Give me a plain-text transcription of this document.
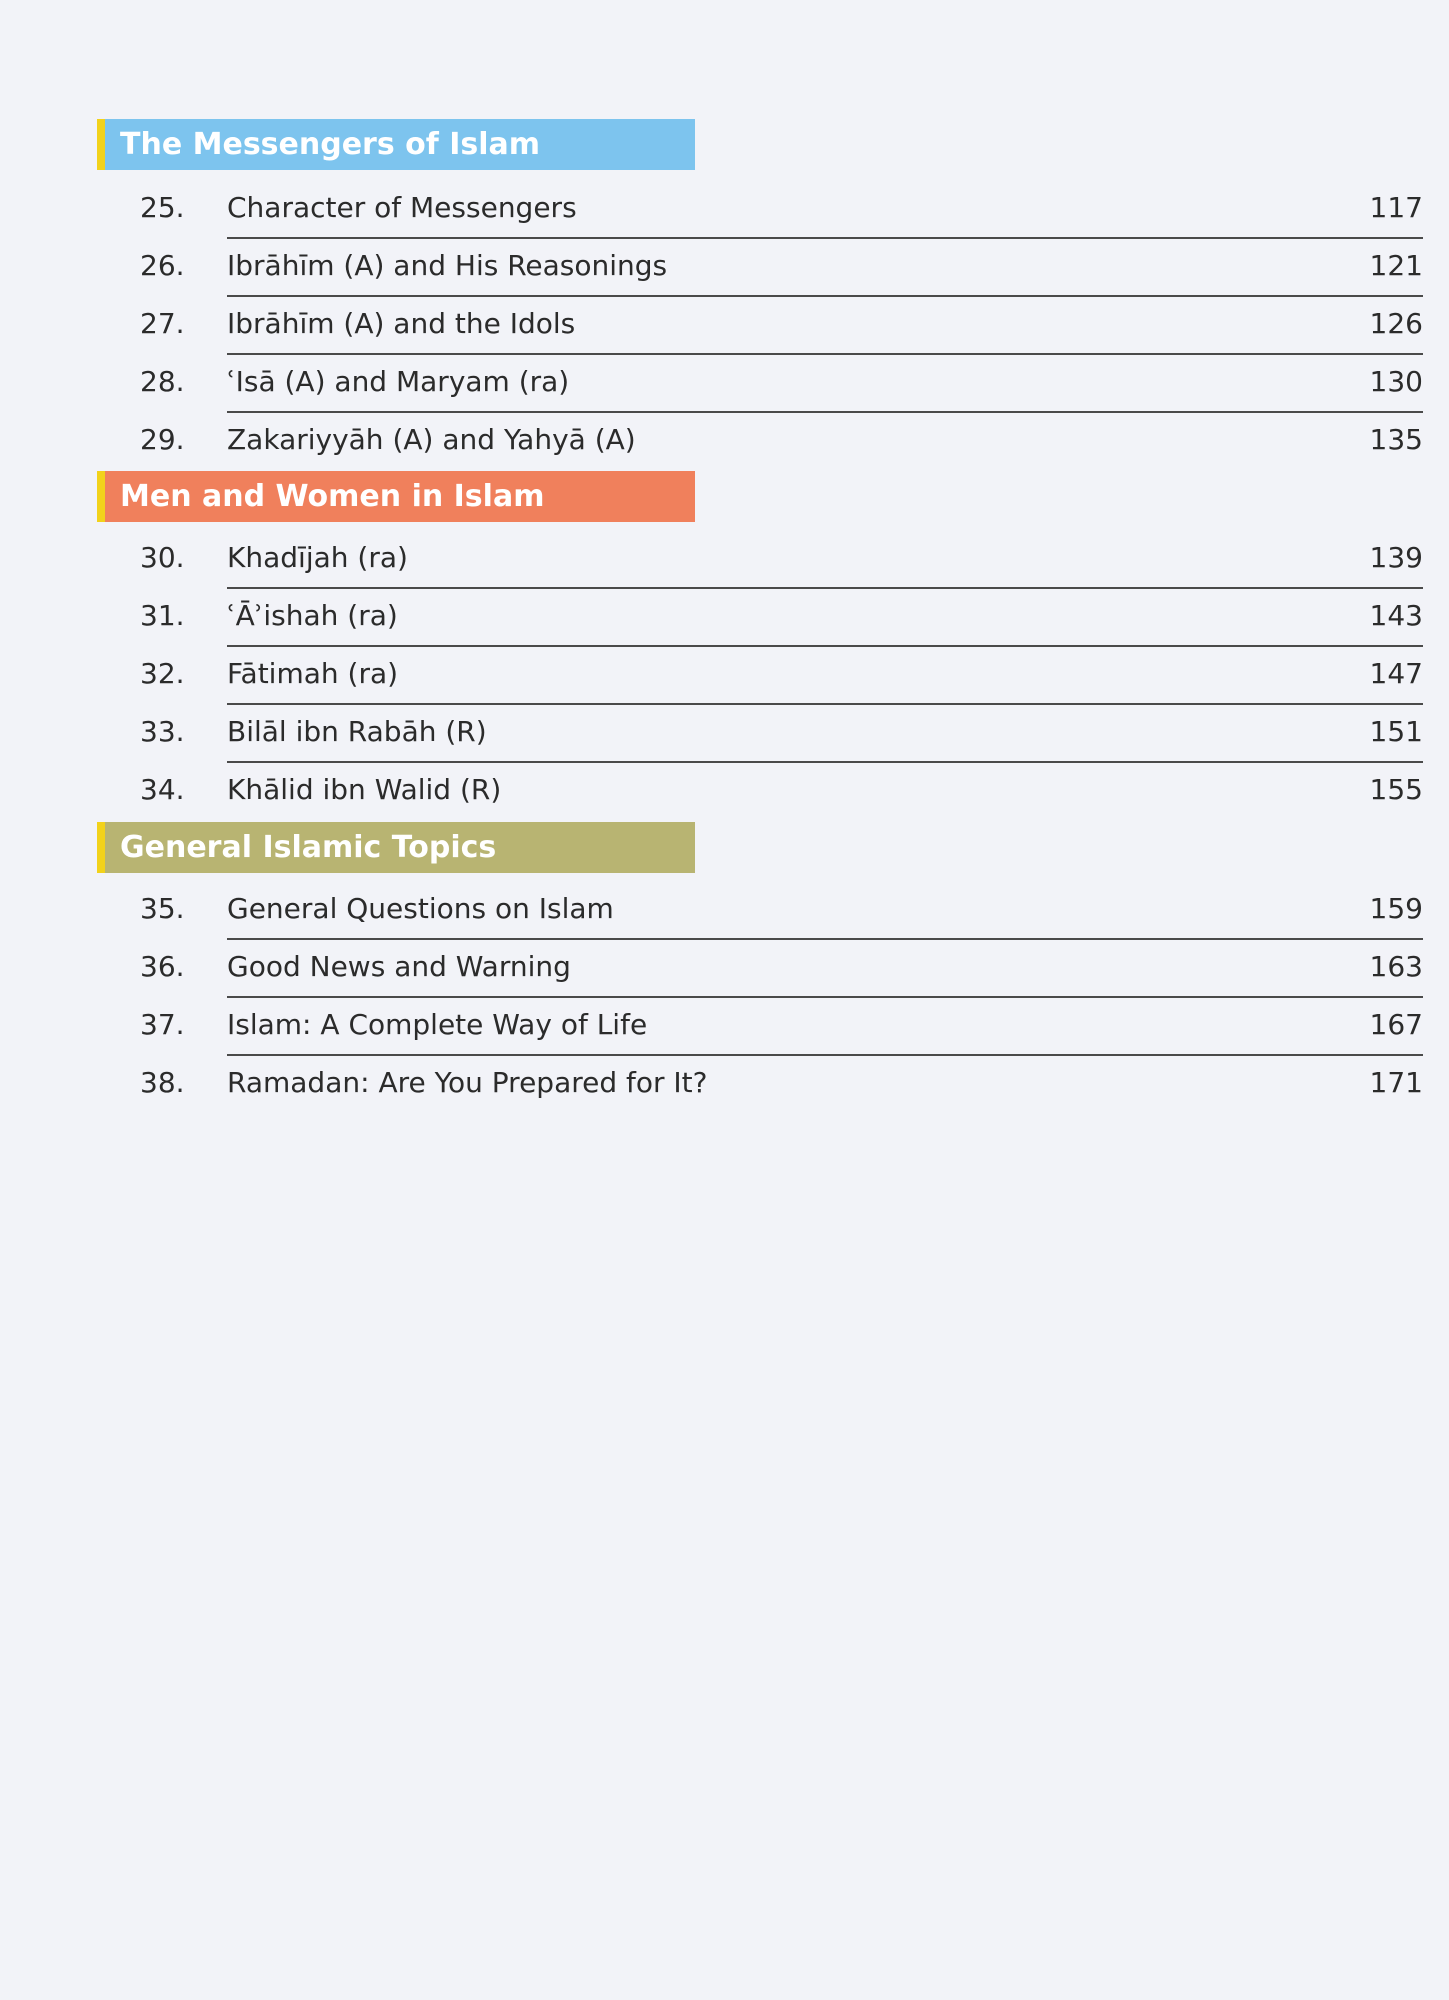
The Messengers of Islam
25. Character of Messengers	117
26. Ibrāhīm (A) and His Reasonings	121
27. Ibrāhīm (A) and the Idols	126
28. ʿIsā (A) and Maryam (ra)	130
29. Zakariyyāh (A) and Yahyā (A)	135
Men and Women in Islam
30. Khadījah (ra)	139
31. ʿĀʾishah (ra)	143
32. Fātimah (ra)	147
33. Bilāl ibn Rabāh (R)	151
34. Khālid ibn Walid (R)	155
General Islamic Topics
35. General Questions on Islam	159
36. Good News and Warning	163
37. Islam: A Complete Way of Life	167
38. Ramadan: Are You Prepared for It?	171
